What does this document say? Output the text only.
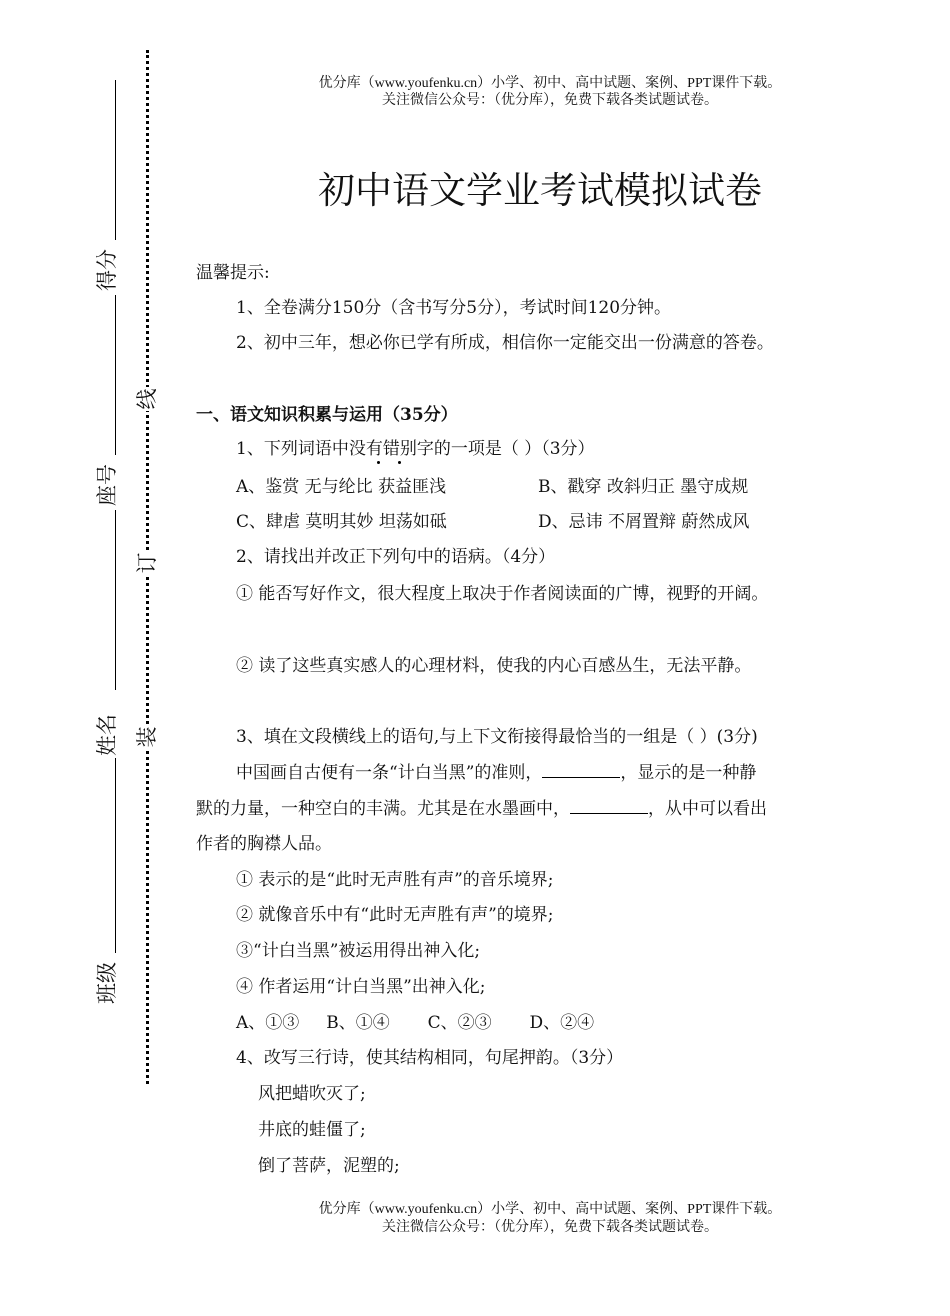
优分库（www.youfenku.cn）小学、初中、高中试题、案例、PPT课件下载。
关注微信公众号：（优分库），免费下载各类试题试卷。
得分
座号
姓名
班级
线
订
装
初中语文学业考试模拟试卷
温馨提示:
1、全卷满分150分（含书写分5分），考试时间120分钟。
2、初中三年，想必你已学有所成，相信你一定能交出一份满意的答卷。
一、语文知识积累与运用（35分）
1、下列词语中没有错别字的一项是（ ）（3分）
A、鉴赏 无与纶比 获益匪浅	B、戳穿 改斜归正 墨守成规
C、肆虐 莫明其妙 坦荡如砥	D、忌讳 不屑置辩 蔚然成风
2、请找出并改正下列句中的语病。（4分）
① 能否写好作文，很大程度上取决于作者阅读面的广博，视野的开阔。
② 读了这些真实感人的心理材料，使我的内心百感丛生，无法平静。
3、填在文段横线上的语句,与上下文衔接得最恰当的一组是（ ）(3分)
中国画自古便有一条“计白当黑”的准则，	，显示的是一种静
默的力量，一种空白的丰满。尤其是在水墨画中，	，从中可以看出
作者的胸襟人品。
① 表示的是“此时无声胜有声”的音乐境界;
② 就像音乐中有“此时无声胜有声”的境界;
③“计白当黑”被运用得出神入化;
④ 作者运用“计白当黑”出神入化;
A、①③     B、①④       C、②③       D、②④
4、改写三行诗，使其结构相同，句尾押韵。（3分）
风把蜡吹灭了;
井底的蛙僵了;
倒了菩萨，泥塑的;
优分库（www.youfenku.cn）小学、初中、高中试题、案例、PPT课件下载。
关注微信公众号：（优分库），免费下载各类试题试卷。
